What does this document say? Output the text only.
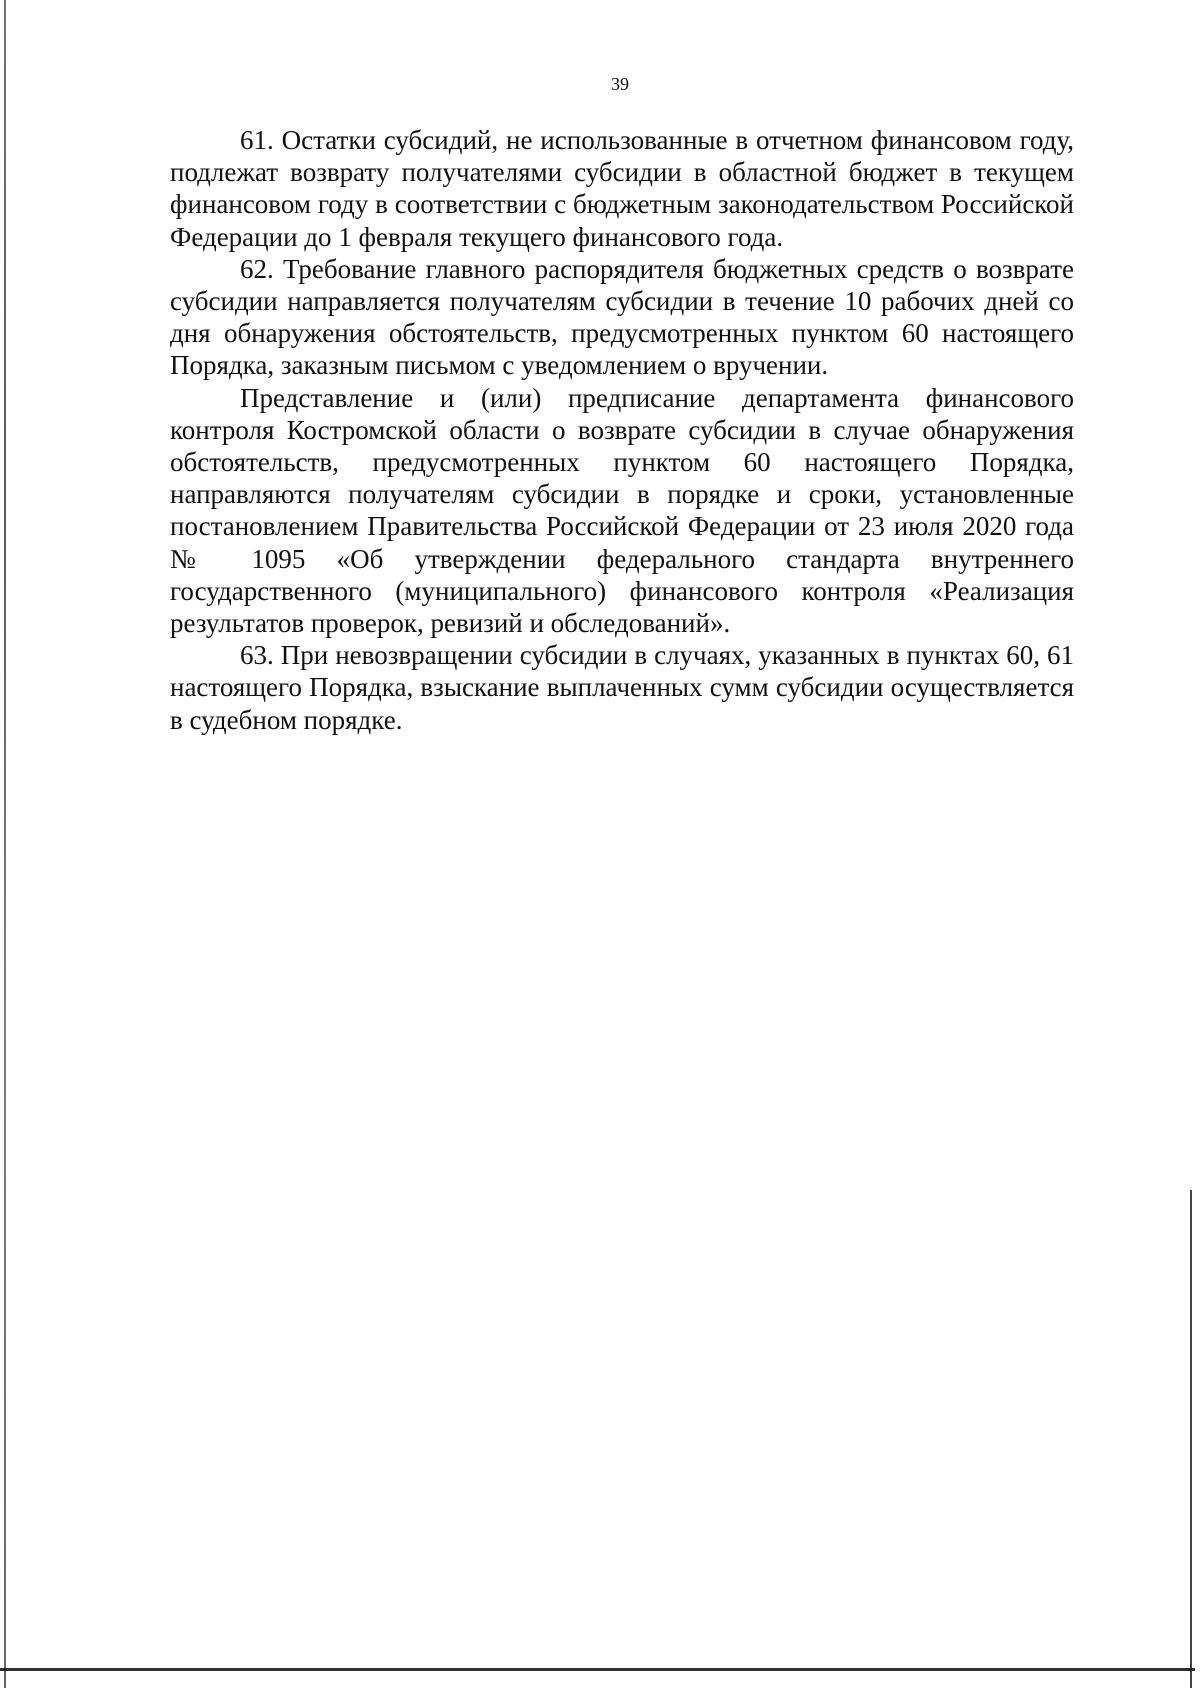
39

61. Остатки субсидий, не использованные в отчетном финансовом году, подлежат возврату получателями субсидии в областной бюджет в текущем финансовом году в соответствии с бюджетным законодательством Российской Федерации до 1 февраля текущего финансового года.

62. Требование главного распорядителя бюджетных средств о возврате субсидии направляется получателям субсидии в течение 10 рабочих дней со дня обнаружения обстоятельств, предусмотренных пунктом 60 настоящего Порядка, заказным письмом с уведомлением о вручении.

Представление и (или) предписание департамента финансового контроля Костромской области о возврате субсидии в случае обнаружения обстоятельств, предусмотренных пунктом 60 настоящего Порядка, направляются получателям субсидии в порядке и сроки, установленные постановлением Правительства Российской Федерации от 23 июля 2020 года № 1095 «Об утверждении федерального стандарта внутреннего государственного (муниципального) финансового контроля «Реализация результатов проверок, ревизий и обследований».

63. При невозвращении субсидии в случаях, указанных в пунктах 60, 61 настоящего Порядка, взыскание выплаченных сумм субсидии осуществляется в судебном порядке.
